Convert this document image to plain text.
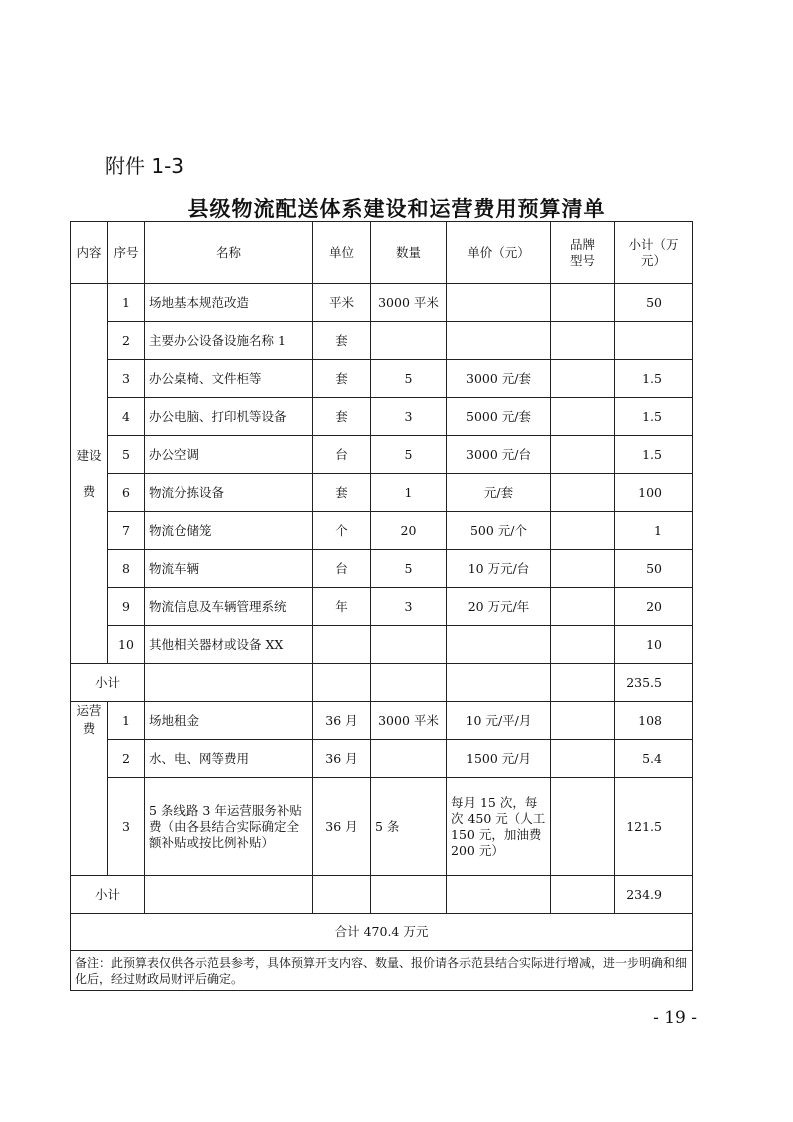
附件 1-3
县级物流配送体系建设和运营费用预算清单
内容	序号	名称	单位	数量	单价（元）	品牌型号	小计（万元）
建设费	1	场地基本规范改造	平米	3000 平米			50
	2	主要办公设备设施名称 1	套				
	3	办公桌椅、文件柜等	套	5	3000 元/套		1.5
	4	办公电脑、打印机等设备	套	3	5000 元/套		1.5
	5	办公空调	台	5	3000 元/台		1.5
	6	物流分拣设备	套	1	元/套		100
	7	物流仓储笼	个	20	500 元/个		1
	8	物流车辆	台	5	10 万元/台		50
	9	物流信息及车辆管理系统	年	3	20 万元/年		20
	10	其他相关器材或设备 XX					10
小计							235.5
运营费	1	场地租金	36 月	3000 平米	10 元/平/月		108
	2	水、电、网等费用	36 月		1500 元/月		5.4
	3	5 条线路 3 年运营服务补贴费（由各县结合实际确定全额补贴或按比例补贴）	36 月	5 条	每月 15 次，每次 450 元（人工 150 元，加油费 200 元）		121.5
小计							234.9
合计 470.4 万元							
备注：此预算表仅供各示范县参考，具体预算开支内容、数量、报价请各示范县结合实际进行增减，进一步明确和细化后，经过财政局财评后确定。							
- 19 -
